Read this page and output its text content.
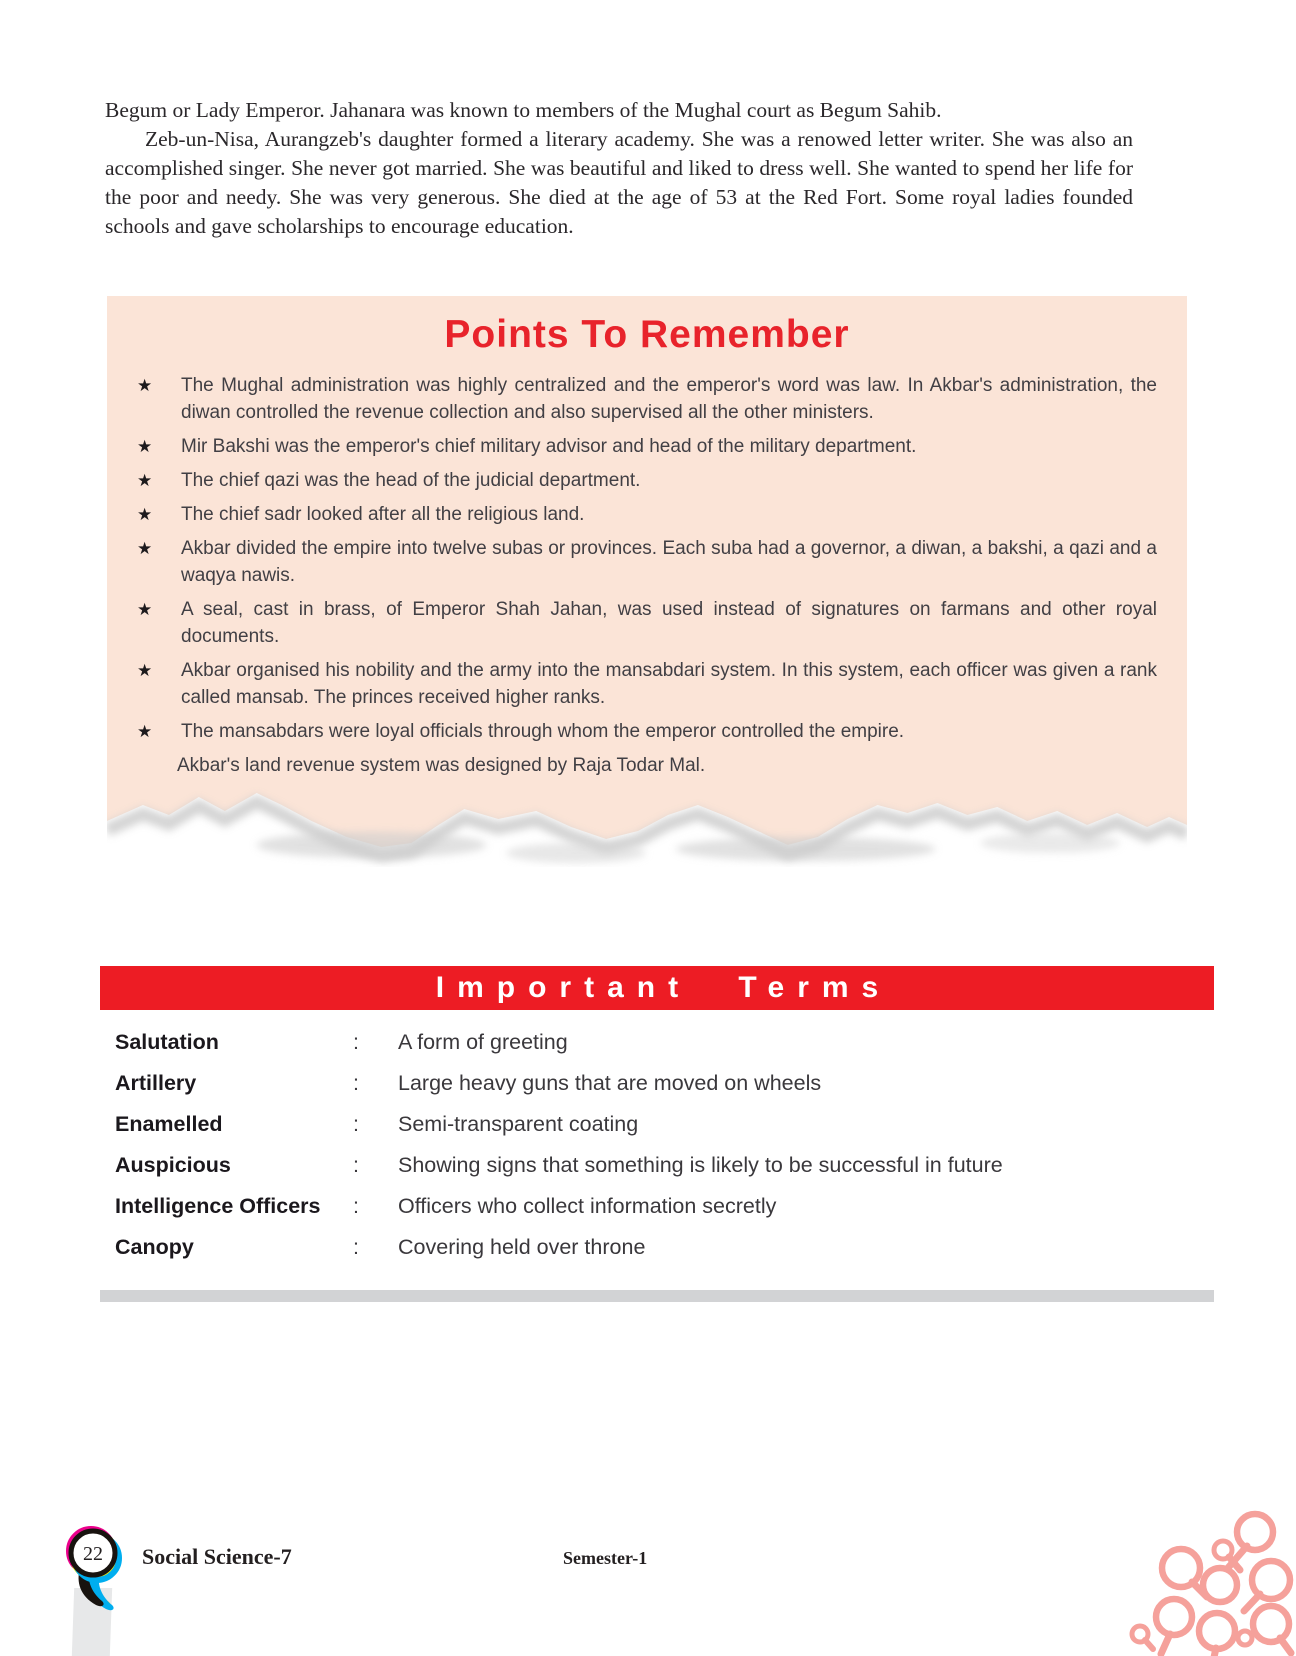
Begum or Lady Emperor. Jahanara was known to members of the Mughal court as Begum Sahib.

Zeb-un-Nisa, Aurangzeb's daughter formed a literary academy. She was a renowed letter writer. She was also an accomplished singer. She never got married. She was beautiful and liked to dress well. She wanted to spend her life for the poor and needy. She was very generous. She died at the age of 53 at the Red Fort. Some royal ladies founded schools and gave scholarships to encourage education.

Points To Remember
★	The Mughal administration was highly centralized and the emperor's word was law. In Akbar's administration, the diwan controlled the revenue collection and also supervised all the other ministers.
★	Mir Bakshi was the emperor's chief military advisor and head of the military department.
★	The chief qazi was the head of the judicial department.
★	The chief sadr looked after all the religious land.
★	Akbar divided the empire into twelve subas or provinces. Each suba had a governor, a diwan, a bakshi, a qazi and a waqya nawis.
★	A seal, cast in brass, of Emperor Shah Jahan, was used instead of signatures on farmans and other royal documents.
★	Akbar organised his nobility and the army into the mansabdari system. In this system, each officer was given a rank called mansab. The princes received higher ranks.
★	The mansabdars were loyal officials through whom the emperor controlled the empire.
Akbar's land revenue system was designed by Raja Todar Mal.
Important Terms
Salutation	:	A form of greeting
Artillery	:	Large heavy guns that are moved on wheels
Enamelled	:	Semi-transparent coating
Auspicious	:	Showing signs that something is likely to be successful in future
Intelligence Officers	:	Officers who collect information secretly
Canopy	:	Covering held over throne
22 Social Science-7	Semester-1
